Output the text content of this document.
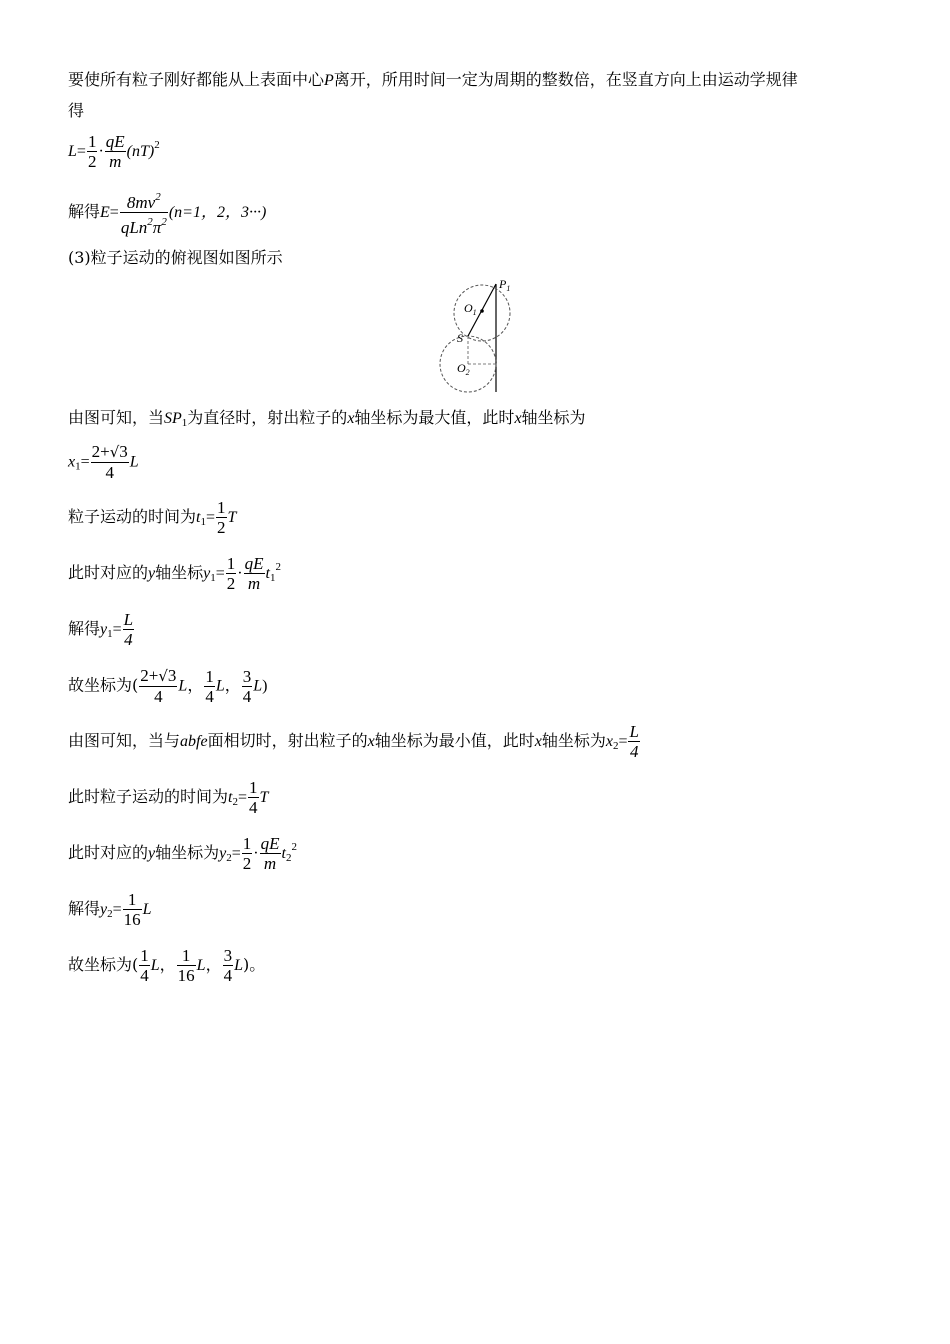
要使所有粒子刚好都能从上表面中心P离开，所用时间一定为周期的整数倍，在竖直方向上由运动学规律
得
$L= \frac{1}{2} \cdot \frac{qE}{m} (nT)^2$
解得$E= \frac{8mv^2}{qLn^2\pi^2} (n=1$，2，3···)
(3)粒子运动的俯视图如图所示
$P_1$
$O_1$
S
$O_2$
由图可知，当$SP_1$为直径时，射出粒子的x轴坐标为最大值，此时x轴坐标为
$x_1= \frac{2+√3}{4}$ L
粒子运动的时间为$t_1= \frac{1}{2}$ T
此时对应的y轴坐标$y_1= \frac{1}{2} \cdot \frac{qE}{m} t_1^2$
解得$y_1= \frac{L}{4}$
故坐标为( $\frac{2+√3}{4}$ L， $\frac{1}{4}$ L， $\frac{3}{4} L$)
由图可知，当与abfe面相切时，射出粒子的x轴坐标为最小值，此时x轴坐标为$x_2= \frac{L}{4}$
此时粒子运动的时间为$t_2= \frac{1}{4}$ T
此时对应的y轴坐标为$y_2= \frac{1}{2} \cdot \frac{qE}{m} t_2^2$
解得$y_2= \frac{1}{16}$ L
故坐标为( $\frac{1}{4}$ L， $\frac{1}{16}$ L， $\frac{3}{4} L$)。
